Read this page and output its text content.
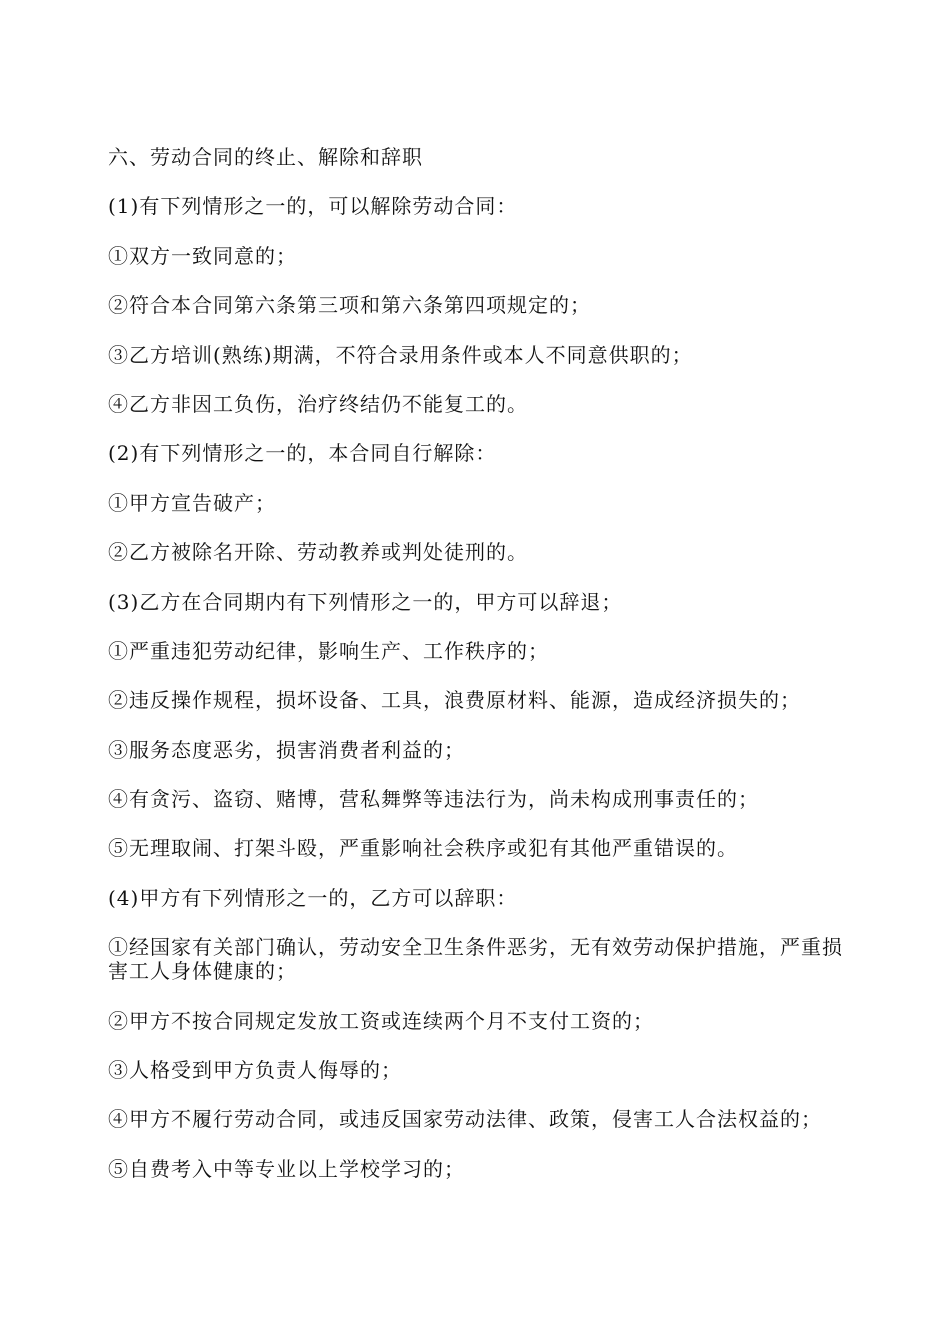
六、劳动合同的终止、解除和辞职

(1)有下列情形之一的，可以解除劳动合同：

①双方一致同意的；

②符合本合同第六条第三项和第六条第四项规定的；

③乙方培训(熟练)期满，不符合录用条件或本人不同意供职的；

④乙方非因工负伤，治疗终结仍不能复工的。

(2)有下列情形之一的，本合同自行解除：

①甲方宣告破产；

②乙方被除名开除、劳动教养或判处徒刑的。

(3)乙方在合同期内有下列情形之一的，甲方可以辞退；

①严重违犯劳动纪律，影响生产、工作秩序的；

②违反操作规程，损坏设备、工具，浪费原材料、能源，造成经济损失的；

③服务态度恶劣，损害消费者利益的；

④有贪污、盗窃、赌博，营私舞弊等违法行为，尚未构成刑事责任的；

⑤无理取闹、打架斗殴，严重影响社会秩序或犯有其他严重错误的。

(4)甲方有下列情形之一的，乙方可以辞职：

①经国家有关部门确认，劳动安全卫生条件恶劣，无有效劳动保护措施，严重损害工人身体健康的；

②甲方不按合同规定发放工资或连续两个月不支付工资的；

③人格受到甲方负责人侮辱的；

④甲方不履行劳动合同，或违反国家劳动法律、政策，侵害工人合法权益的；

⑤自费考入中等专业以上学校学习的；
